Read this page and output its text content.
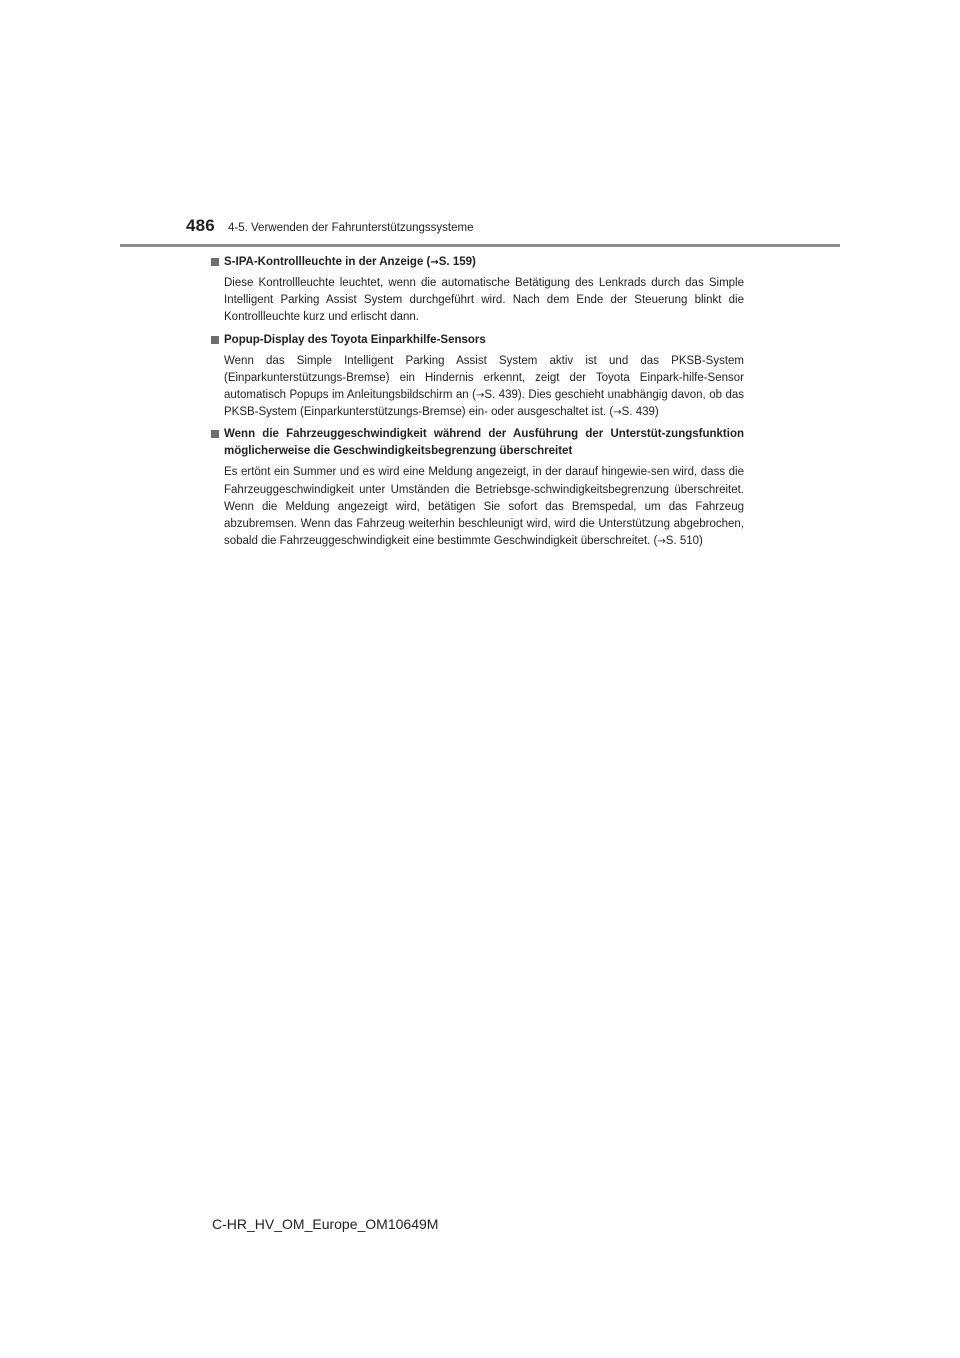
486 4-5. Verwenden der Fahrunterstützungssysteme
S-IPA-Kontrollleuchte in der Anzeige (→S. 159)
Diese Kontrollleuchte leuchtet, wenn die automatische Betätigung des Lenkrads durch das Simple Intelligent Parking Assist System durchgeführt wird. Nach dem Ende der Steuerung blinkt die Kontrollleuchte kurz und erlischt dann.
Popup-Display des Toyota Einparkhilfe-Sensors
Wenn das Simple Intelligent Parking Assist System aktiv ist und das PKSB-System (Einparkunterstützungs-Bremse) ein Hindernis erkennt, zeigt der Toyota Einpark-hilfe-Sensor automatisch Popups im Anleitungsbildschirm an (→S. 439). Dies geschieht unabhängig davon, ob das PKSB-System (Einparkunterstützungs-Bremse) ein- oder ausgeschaltet ist. (→S. 439)
Wenn die Fahrzeuggeschwindigkeit während der Ausführung der Unterstüt-zungsfunktion möglicherweise die Geschwindigkeitsbegrenzung überschreitet
Es ertönt ein Summer und es wird eine Meldung angezeigt, in der darauf hingewie-sen wird, dass die Fahrzeuggeschwindigkeit unter Umständen die Betriebsge-schwindigkeitsbegrenzung überschreitet. Wenn die Meldung angezeigt wird, betätigen Sie sofort das Bremspedal, um das Fahrzeug abzubremsen. Wenn das Fahrzeug weiterhin beschleunigt wird, wird die Unterstützung abgebrochen, sobald die Fahrzeuggeschwindigkeit eine bestimmte Geschwindigkeit überschreitet. (→S. 510)
C-HR_HV_OM_Europe_OM10649M
